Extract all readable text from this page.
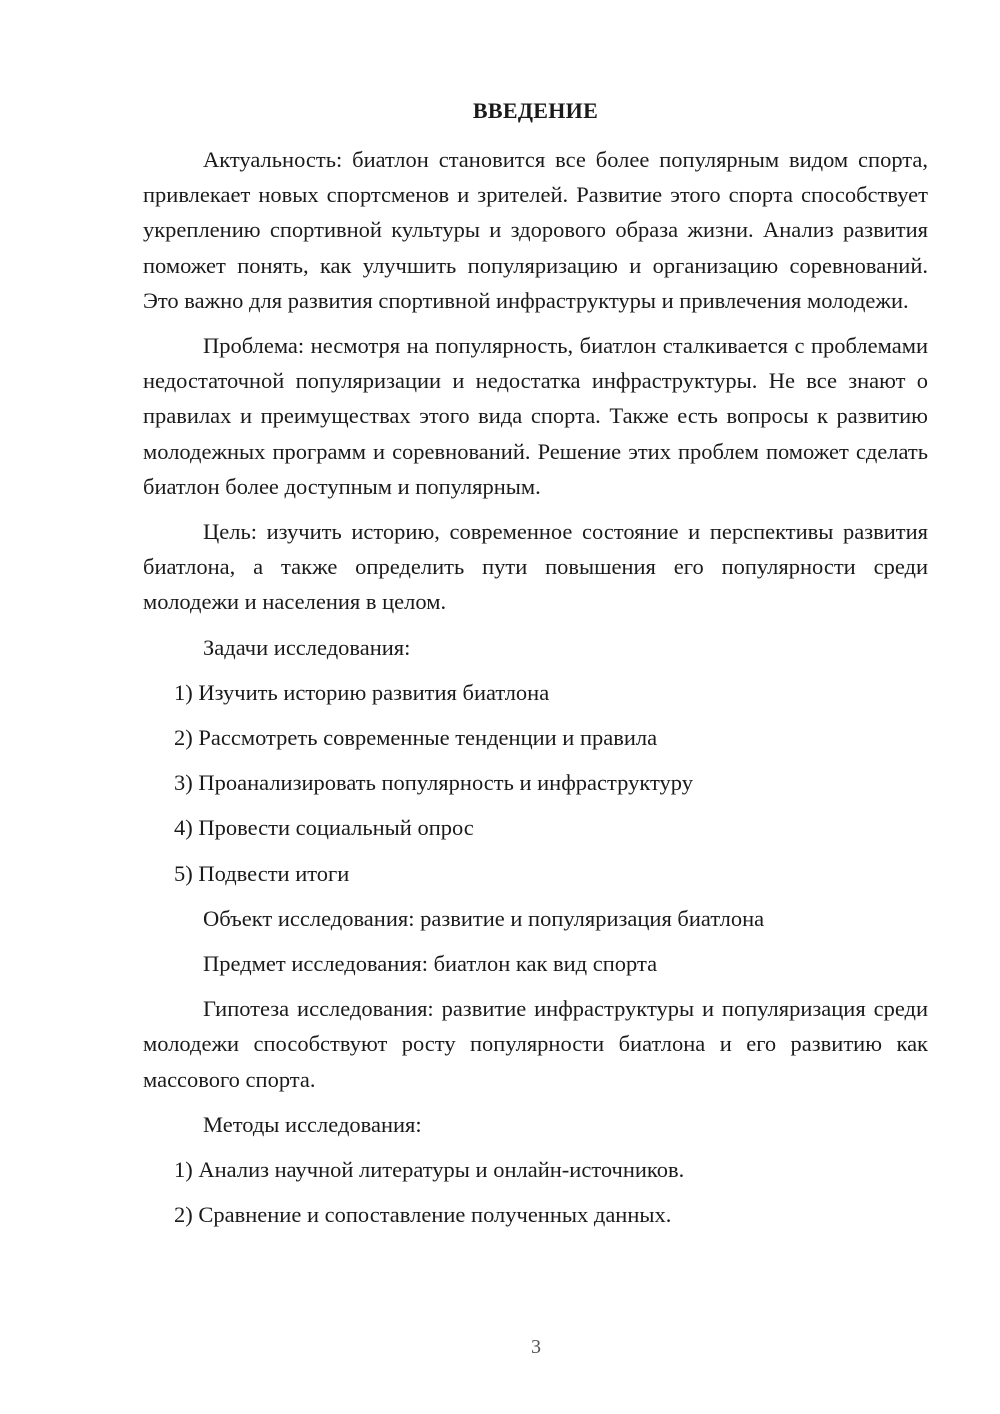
ВВЕДЕНИЕ

Актуальность: биатлон становится все более популярным видом спорта, привлекает новых спортсменов и зрителей. Развитие этого спорта способствует укреплению спортивной культуры и здорового образа жизни. Анализ развития поможет понять, как улучшить популяризацию и организацию соревнований. Это важно для развития спортивной инфраструктуры и привлечения молодежи.

Проблема: несмотря на популярность, биатлон сталкивается с проблемами недостаточной популяризации и недостатка инфраструктуры. Не все знают о правилах и преимуществах этого вида спорта. Также есть вопросы к развитию молодежных программ и соревнований. Решение этих проблем поможет сделать биатлон более доступным и популярным.

Цель: изучить историю, современное состояние и перспективы развития биатлона, а также определить пути повышения его популярности среди молодежи и населения в целом.

Задачи исследования:

1) Изучить историю развития биатлона

2) Рассмотреть современные тенденции и правила

3) Проанализировать популярность и инфраструктуру

4) Провести социальный опрос

5) Подвести итоги

Объект исследования: развитие и популяризация биатлона

Предмет исследования: биатлон как вид спорта

Гипотеза исследования: развитие инфраструктуры и популяризация среди молодежи способствуют росту популярности биатлона и его развитию как массового спорта.

Методы исследования:

1) Анализ научной литературы и онлайн-источников.

2) Сравнение и сопоставление полученных данных.

3
